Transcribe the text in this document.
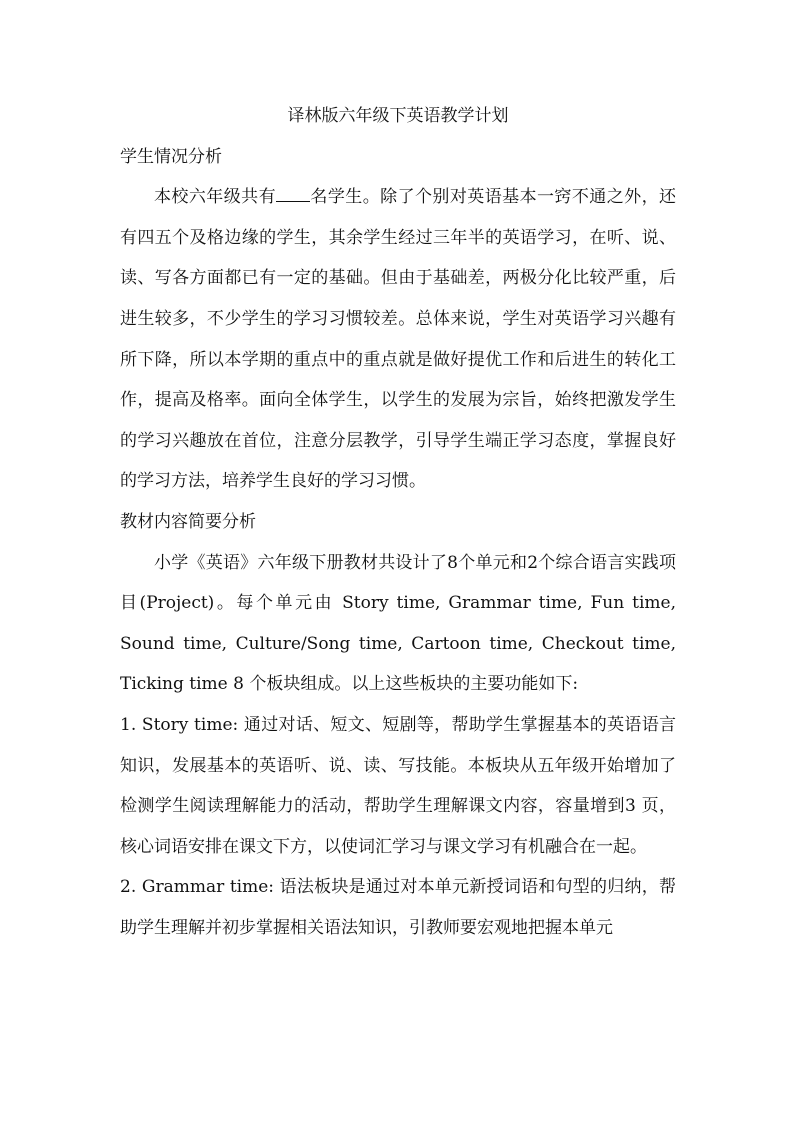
译林版六年级下英语教学计划

学生情况分析

本校六年级共有 名学生。除了个别对英语基本一窍不通之外，还有四五个及格边缘的学生，其余学生经过三年半的英语学习，在听、说、读、写各方面都已有一定的基础。但由于基础差，两极分化比较严重，后进生较多，不少学生的学习习惯较差。总体来说，学生对英语学习兴趣有所下降，所以本学期的重点中的重点就是做好提优工作和后进生的转化工作，提高及格率。面向全体学生，以学生的发展为宗旨，始终把激发学生的学习兴趣放在首位，注意分层教学，引导学生端正学习态度，掌握良好的学习方法，培养学生良好的学习习惯。

教材内容简要分析

小学《英语》六年级下册教材共设计了8个单元和2个综合语言实践项目(Project)。每个单元由 Story time, Grammar time, Fun time, Sound time, Culture/Song time, Cartoon time, Checkout time, Ticking time 8 个板块组成。以上这些板块的主要功能如下:

1. Story time: 通过对话、短文、短剧等，帮助学生掌握基本的英语语言知识，发展基本的英语听、说、读、写技能。本板块从五年级开始增加了检测学生阅读理解能力的活动，帮助学生理解课文内容，容量增到3 页，核心词语安排在课文下方，以使词汇学习与课文学习有机融合在一起。

2. Grammar time: 语法板块是通过对本单元新授词语和句型的归纳，帮助学生理解并初步掌握相关语法知识，引教师要宏观地把握本单元
